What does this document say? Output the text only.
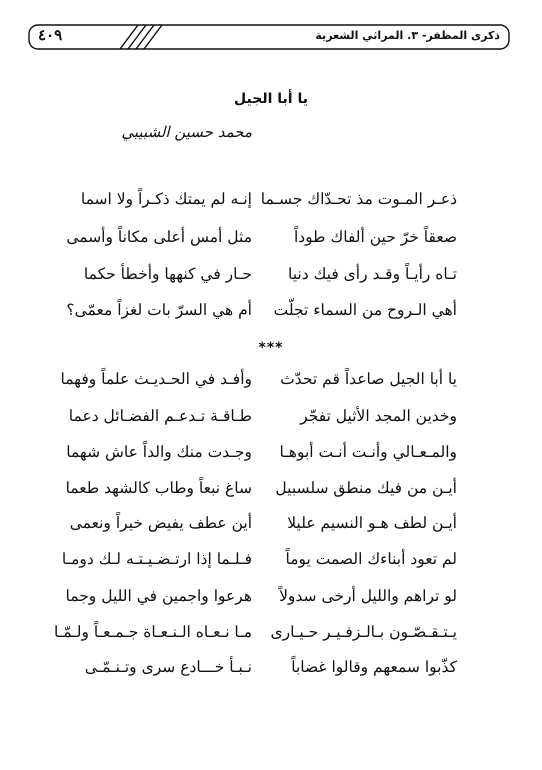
٤٠٩	ذكرى المظفر- ٣. المراثي الشعرية
يا أبا الجيل
محمد حسين الشبيبي
ذعـر المـوت مذ تحـدّاك جسـما
إنـه لم يمتك ذكـراً ولا اسما
صعقاً خرّ حين ألفاك طوداً
مثل أمس أعلى مكاناً وأسمى
تـاه رأيـاً وقـد رأى فيك دنيا
حـار في كنهها وأخطأ حكما
أهي الـروح من السماء تجلّت
أم هي السرّ بات لغزاً معمّى؟
***
يا أبا الجيل صاعداً قم تحدّث
وأفـد في الحـديـث علماً وفهما
وخدين المجد الأثيل تفجّر
طـاقـة تـدعـم الفضـائل دعما
والمـعـالي وأنـت أنـت أبوهـا
وجـدت منك والداً عاش شهما
أيـن من فيك منطق سلسبيل
ساغ نبعاً وطاب كالشهد طعما
أيـن لطف هـو النسيم عليلا
أين عطف يفيض خيراً ونعمى
لم تعود أبناءك الصمت يوماً
فـلـما إذا ارتـضـيـتـه لـك دومـا
لو تراهم والليل أرخى سدولاً
هرعوا واجمين في الليل وجما
يـتـقـصّـون بـالـزفـيـر حـيـارى
مـا نـعـاه الـنـعـاة جـمـعـاً ولـمّـا
كذّبوا سمعهم وقالوا غضاباً
نـبـأ خـــادع سرى وتـنـمّـى
